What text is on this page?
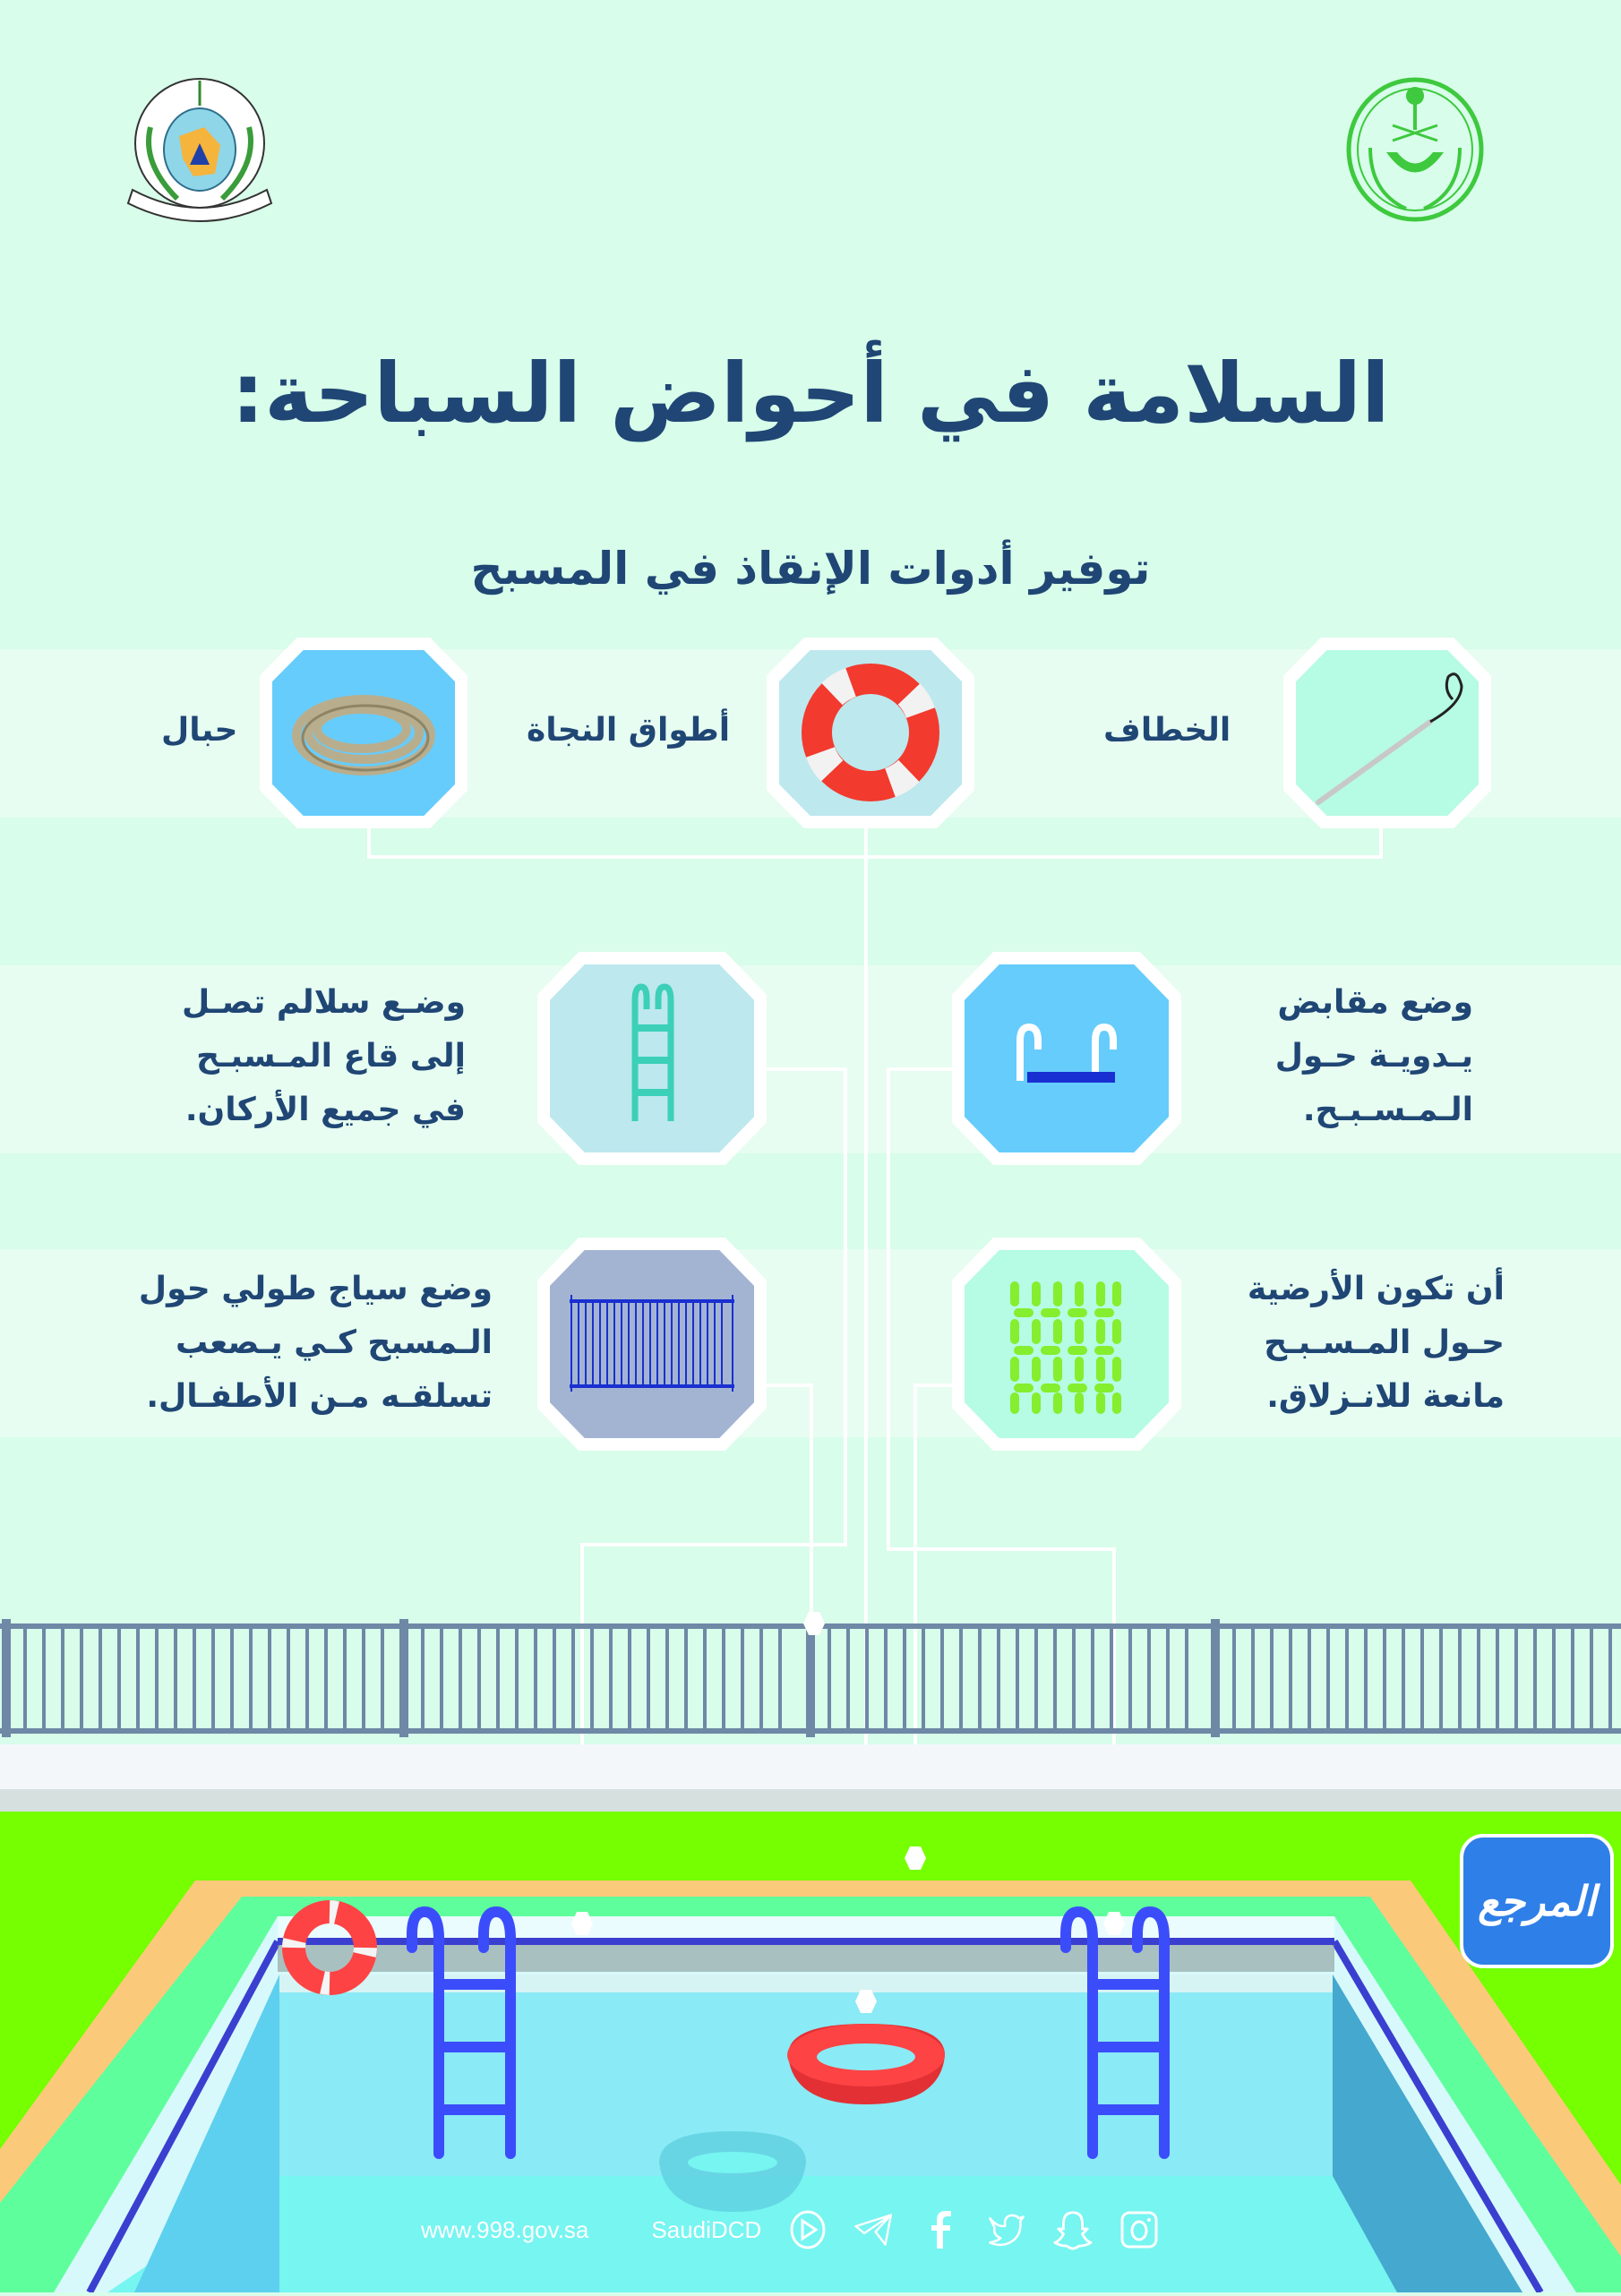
السلامة في أحواض السباحة:
توفير أدوات الإنقاذ في المسبح
الخطاف
أطواق النجاة
حبال
وضع مقابض
يـدويـة حـول
الـمـسـبـح.
وضـع سلالم تصـل
إلى قاع المـسبـح
في جميع الأركان.
أن تكون الأرضية
حـول المـسـبـح
مانعة للانـزلاق.
وضع سياج طولي حول
الـمسبح كـي يـصعب
تسلقـه مـن الأطفـال.
المرجع
www.998.gov.sa	SaudiDCD
